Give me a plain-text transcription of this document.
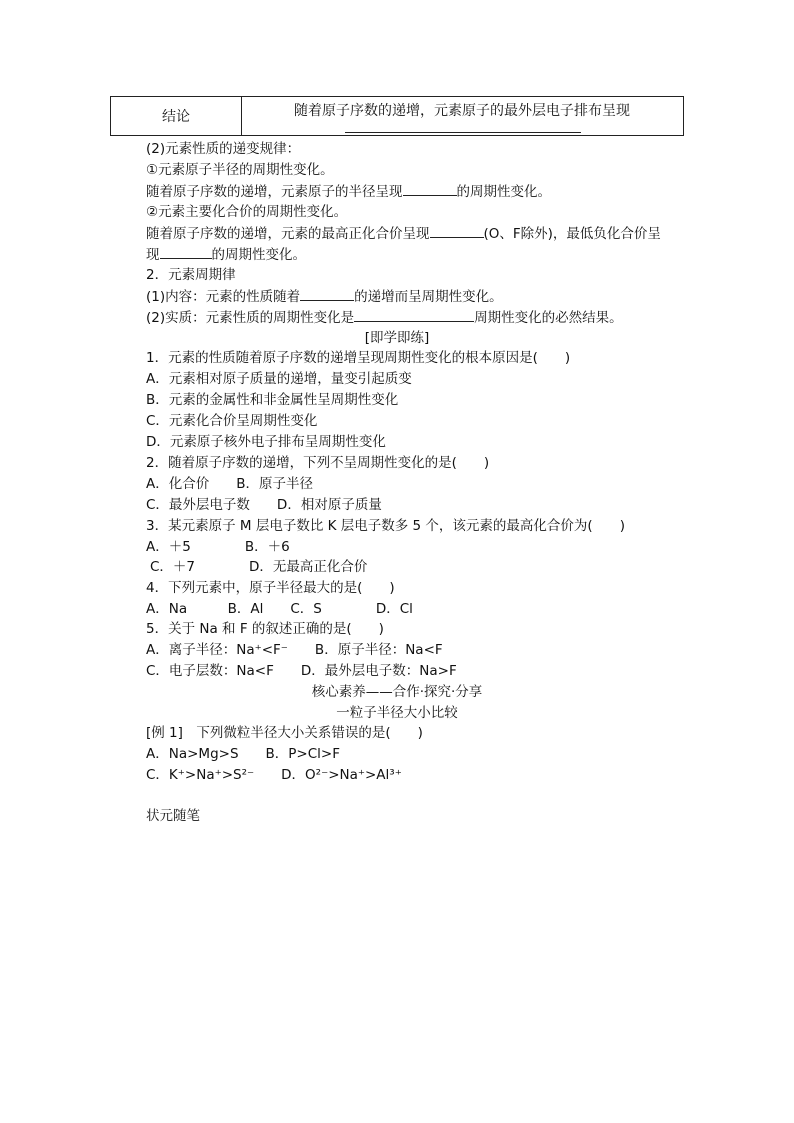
结论	随着原子序数的递增，元素原子的最外层电子排布呈现
(2)元素性质的递变规律：
①元素原子半径的周期性变化。
随着原子序数的递增，元素原子的半径呈现	的周期性变化。
②元素主要化合价的周期性变化。
随着原子序数的递增，元素的最高正化合价呈现	(O、F除外)，最低负化合价呈
现	的周期性变化。
2．元素周期律
(1)内容：元素的性质随着	的递增而呈周期性变化。
(2)实质：元素性质的周期性变化是	周期性变化的必然结果。
[即学即练]
1．元素的性质随着原子序数的递增呈现周期性变化的根本原因是(　　)
A．元素相对原子质量的递增，量变引起质变
B．元素的金属性和非金属性呈周期性变化
C．元素化合价呈周期性变化
D．元素原子核外电子排布呈周期性变化
2．随着原子序数的递增，下列不呈周期性变化的是(　　)
A．化合价　　B．原子半径
C．最外层电子数　　D．相对原子质量
3．某元素原子 M 层电子数比 K 层电子数多 5 个，该元素的最高化合价为(　　)
A．＋5　　　　B．＋6
C．＋7　　　　D．无最高正化合价
4．下列元素中，原子半径最大的是(　　)
A．Na　　　B．Al　　C．S　　　　D．Cl
5．关于 Na 和 F 的叙述正确的是(　　)
A．离子半径：Na⁺<F⁻　　B．原子半径：Na<F
C．电子层数：Na<F　　D．最外层电子数：Na>F
核心素养——合作·探究·分享
一粒子半径大小比较
[例 1]　下列微粒半径大小关系错误的是(　　)
A．Na>Mg>S　　B．P>Cl>F
C．K⁺>Na⁺>S²⁻　　D．O²⁻>Na⁺>Al³⁺
状元随笔
